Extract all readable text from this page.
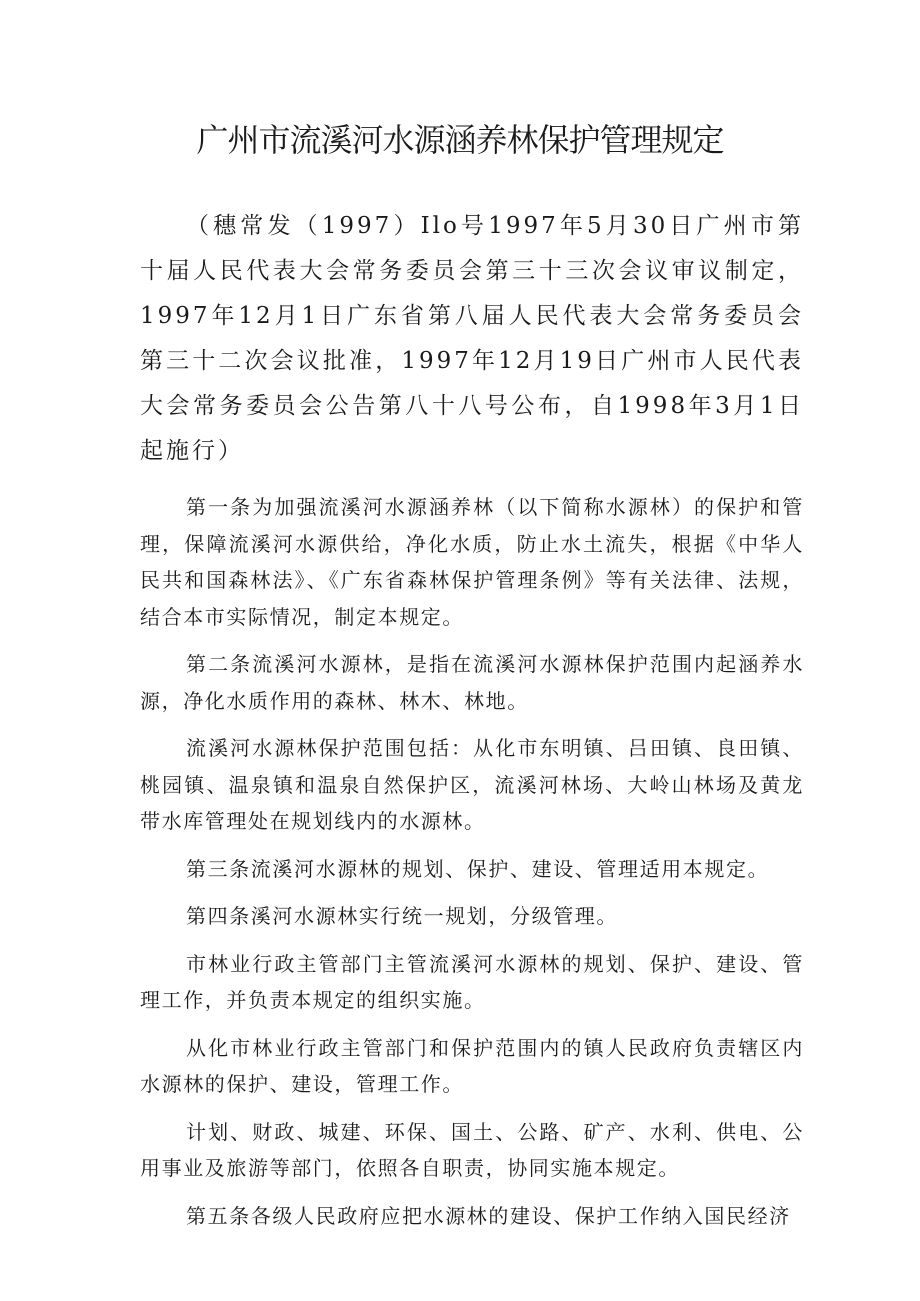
广州市流溪河水源涵养林保护管理规定

（穗常发（1997）Ilo号1997年5月30日广州市第十届人民代表大会常务委员会第三十三次会议审议制定，1997年12月1日广东省第八届人民代表大会常务委员会第三十二次会议批准，1997年12月19日广州市人民代表大会常务委员会公告第八十八号公布，自1998年3月1日起施行）

第一条为加强流溪河水源涵养林（以下简称水源林）的保护和管理，保障流溪河水源供给，净化水质，防止水土流失，根据《中华人民共和国森林法》、《广东省森林保护管理条例》等有关法律、法规，结合本市实际情况，制定本规定。

第二条流溪河水源林，是指在流溪河水源林保护范围内起涵养水源，净化水质作用的森林、林木、林地。

流溪河水源林保护范围包括：从化市东明镇、吕田镇、良田镇、桃园镇、温泉镇和温泉自然保护区，流溪河林场、大岭山林场及黄龙带水库管理处在规划线内的水源林。

第三条流溪河水源林的规划、保护、建设、管理适用本规定。

第四条溪河水源林实行统一规划，分级管理。

市林业行政主管部门主管流溪河水源林的规划、保护、建设、管理工作，并负责本规定的组织实施。

从化市林业行政主管部门和保护范围内的镇人民政府负责辖区内水源林的保护、建设，管理工作。

计划、财政、城建、环保、国土、公路、矿产、水利、供电、公用事业及旅游等部门，依照各自职责，协同实施本规定。

第五条各级人民政府应把水源林的建设、保护工作纳入国民经济
